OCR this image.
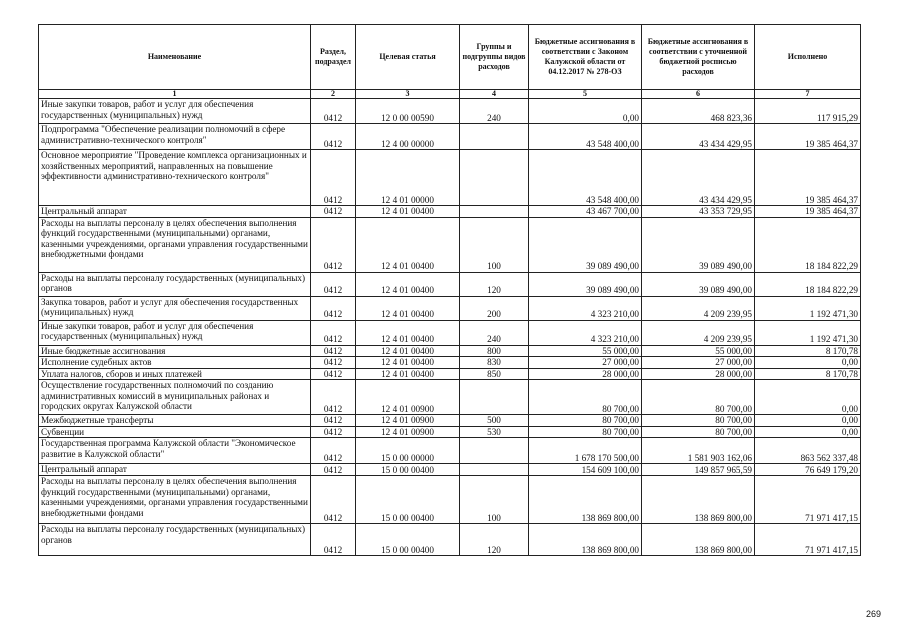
Наименование	Раздел, подраздел	Целевая статья	Группы и подгруппы видов расходов	Бюджетные ассигнования в соответствии с Законом Калужской области от 04.12.2017 № 278-ОЗ	Бюджетные ассигнования в соответствии с уточненной бюджетной росписью расходов	Исполнено
1	2	3	4	5	6	7
Иные закупки товаров, работ и услуг для обеспечения государственных (муниципальных) нужд	0412	12 0 00 00590	240	0,00	468 823,36	117 915,29
Подпрограмма "Обеспечение реализации полномочий в сфере административно-технического контроля"	0412	12 4 00 00000		43 548 400,00	43 434 429,95	19 385 464,37
Основное мероприятие "Проведение комплекса организационных и хозяйственных мероприятий, направленных на повышение эффективности административно-технического контроля"	0412	12 4 01 00000		43 548 400,00	43 434 429,95	19 385 464,37
Центральный аппарат	0412	12 4 01 00400		43 467 700,00	43 353 729,95	19 385 464,37
Расходы на выплаты персоналу в целях обеспечения выполнения функций государственными (муниципальными) органами, казенными учреждениями, органами управления государственными внебюджетными фондами	0412	12 4 01 00400	100	39 089 490,00	39 089 490,00	18 184 822,29
Расходы на выплаты персоналу государственных (муниципальных) органов	0412	12 4 01 00400	120	39 089 490,00	39 089 490,00	18 184 822,29
Закупка товаров, работ и услуг для обеспечения государственных (муниципальных) нужд	0412	12 4 01 00400	200	4 323 210,00	4 209 239,95	1 192 471,30
Иные закупки товаров, работ и услуг для обеспечения государственных (муниципальных) нужд	0412	12 4 01 00400	240	4 323 210,00	4 209 239,95	1 192 471,30
Иные бюджетные ассигнования	0412	12 4 01 00400	800	55 000,00	55 000,00	8 170,78
Исполнение судебных актов	0412	12 4 01 00400	830	27 000,00	27 000,00	0,00
Уплата налогов, сборов и иных платежей	0412	12 4 01 00400	850	28 000,00	28 000,00	8 170,78
Осуществление государственных полномочий по созданию административных комиссий в муниципальных районах и городских округах Калужской области	0412	12 4 01 00900		80 700,00	80 700,00	0,00
Межбюджетные трансферты	0412	12 4 01 00900	500	80 700,00	80 700,00	0,00
Субвенции	0412	12 4 01 00900	530	80 700,00	80 700,00	0,00
Государственная программа Калужской области "Экономическое развитие в Калужской области"	0412	15 0 00 00000		1 678 170 500,00	1 581 903 162,06	863 562 337,48
Центральный аппарат	0412	15 0 00 00400		154 609 100,00	149 857 965,59	76 649 179,20
Расходы на выплаты персоналу в целях обеспечения выполнения функций государственными (муниципальными) органами, казенными учреждениями, органами управления государственными внебюджетными фондами	0412	15 0 00 00400	100	138 869 800,00	138 869 800,00	71 971 417,15
Расходы на выплаты персоналу государственных (муниципальных) органов	0412	15 0 00 00400	120	138 869 800,00	138 869 800,00	71 971 417,15
269
